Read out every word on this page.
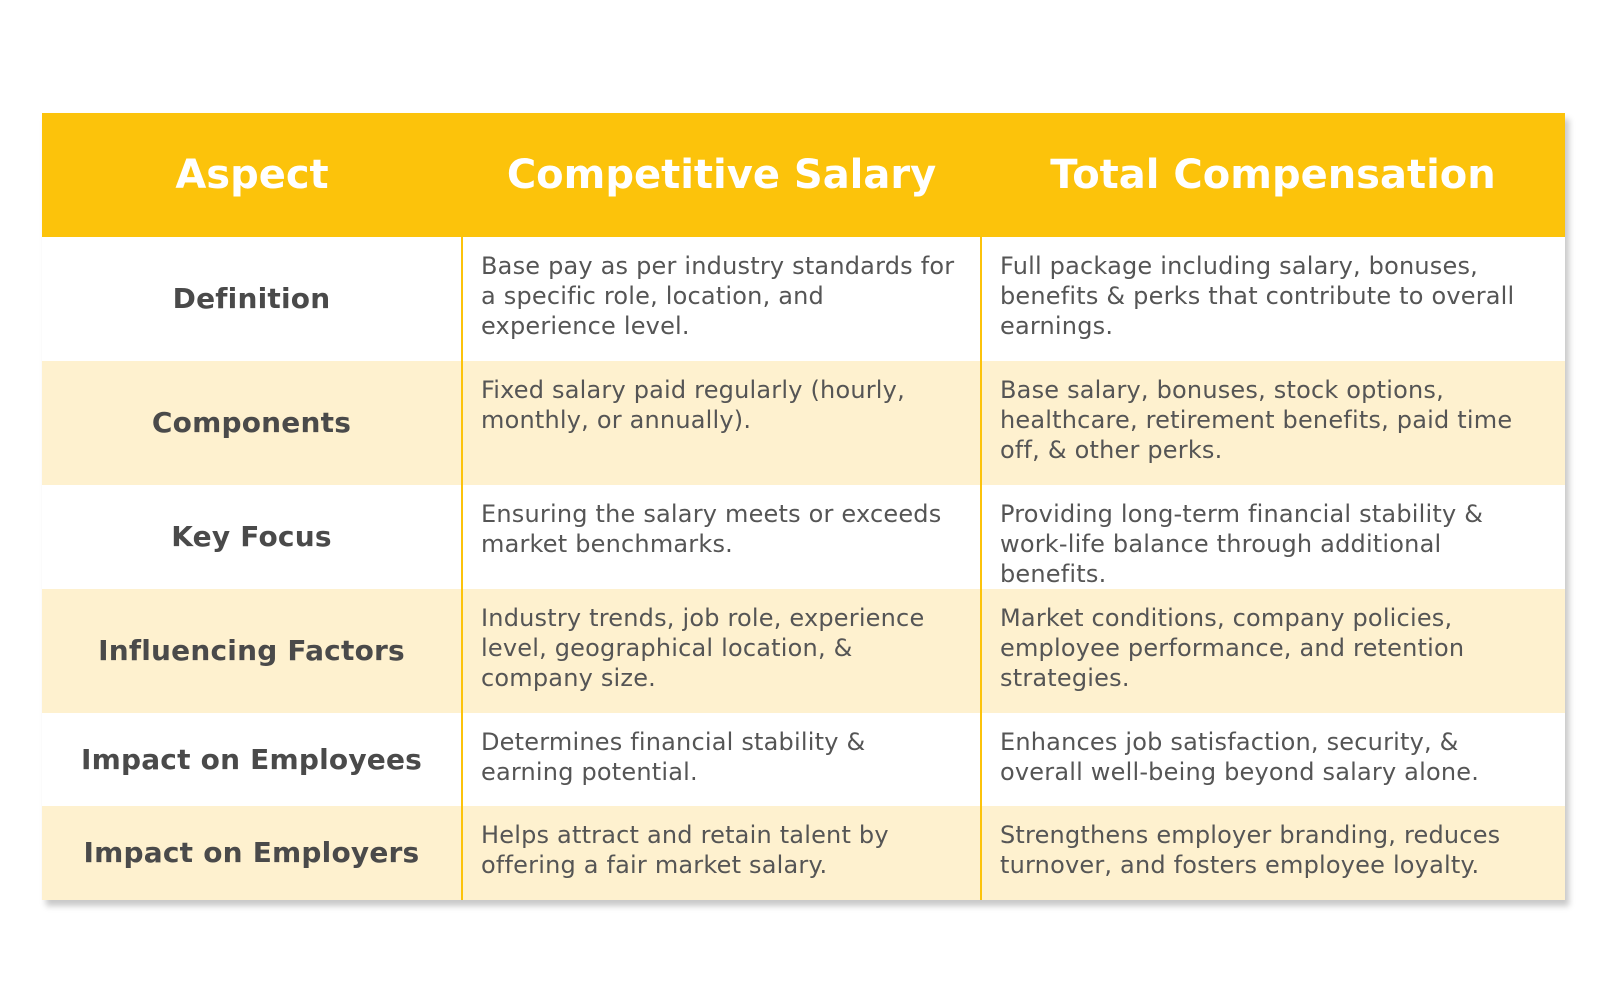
Aspect	Competitive Salary	Total Compensation
Definition	Base pay as per industry standards for a specific role, location, and experience level.	Full package including salary, bonuses, benefits & perks that contribute to overall earnings.
Components	Fixed salary paid regularly (hourly, monthly, or annually).	Base salary, bonuses, stock options, healthcare, retirement benefits, paid time off, & other perks.
Key Focus	Ensuring the salary meets or exceeds market benchmarks.	Providing long-term financial stability & work-life balance through additional benefits.
Influencing Factors	Industry trends, job role, experience level, geographical location, & company size.	Market conditions, company policies, employee performance, and retention strategies.
Impact on Employees	Determines financial stability & earning potential.	Enhances job satisfaction, security, & overall well-being beyond salary alone.
Impact on Employers	Helps attract and retain talent by offering a fair market salary.	Strengthens employer branding, reduces turnover, and fosters employee loyalty.
